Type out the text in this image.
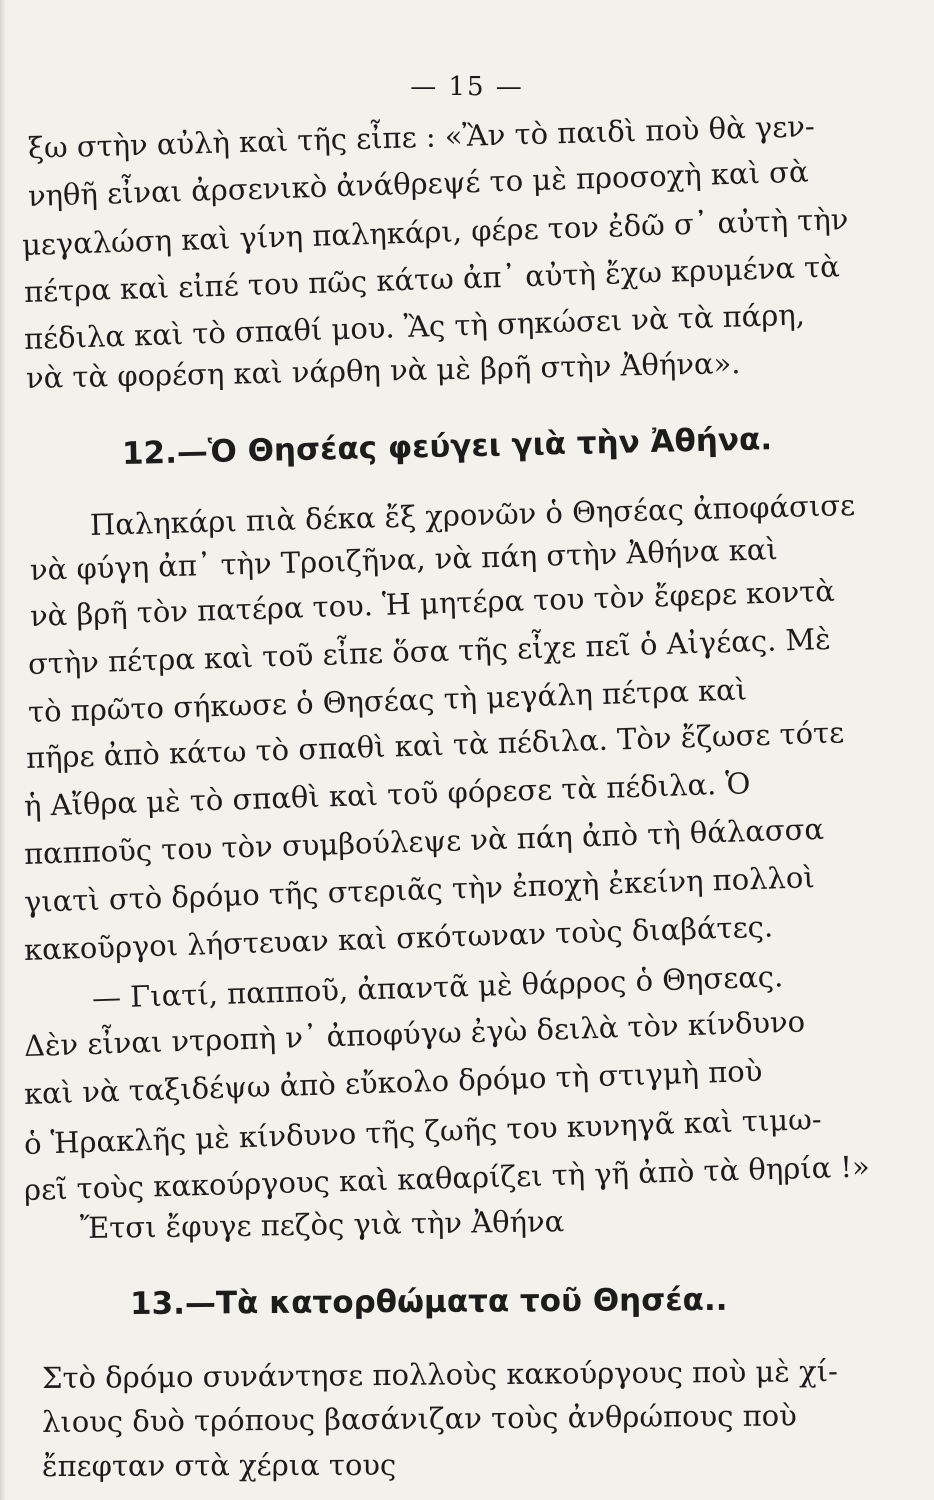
— 15 —
ξω στὴν αὐλὴ καὶ τῆς εἶπε : «Ἂν τὸ παιδὶ ποὺ θὰ γεν-
νηθῆ εἶναι ἀρσενικὸ ἀνάθρεψέ το μὲ προσοχὴ καὶ σὰ
μεγαλώση καὶ γίνη παληκάρι, φέρε τον ἐδῶ σ᾽ αὐτὴ τὴν
πέτρα καὶ εἰπέ του πῶς κάτω ἀπ᾽ αὐτὴ ἔχω κρυμένα τὰ
πέδιλα καὶ τὸ σπαθί μου. Ἂς τὴ σηκώσει νὰ τὰ πάρη,
νὰ τὰ φορέση καὶ νάρθη νὰ μὲ βρῆ στὴν Ἀθήνα».
12.—Ὁ Θησέας φεύγει γιὰ τὴν Ἀθήνα.
Παληκάρι πιὰ δέκα ἔξ χρονῶν ὁ Θησέας ἀποφάσισε
νὰ φύγη ἀπ᾽ τὴν Τροιζῆνα, νὰ πάη στὴν Ἀθήνα καὶ
νὰ βρῆ τὸν πατέρα του. Ἡ μητέρα του τὸν ἔφερε κοντὰ
στὴν πέτρα καὶ τοῦ εἶπε ὅσα τῆς εἶχε πεῖ ὁ Αἰγέας. Μὲ
τὸ πρῶτο σήκωσε ὁ Θησέας τὴ μεγάλη πέτρα καὶ
πῆρε ἀπὸ κάτω τὸ σπαθὶ καὶ τὰ πέδιλα. Τὸν ἔζωσε τότε
ἡ Αἴθρα μὲ τὸ σπαθὶ καὶ τοῦ φόρεσε τὰ πέδιλα. Ὁ
παπποῦς του τὸν συμβούλεψε νὰ πάη ἀπὸ τὴ θάλασσα
γιατὶ στὸ δρόμο τῆς στεριᾶς τὴν ἐποχὴ ἐκείνη πολλοὶ
κακοῦργοι λήστευαν καὶ σκότωναν τοὺς διαβάτες.
— Γιατί, παπποῦ, ἀπαντᾶ μὲ θάρρος ὁ Θησεας.
Δὲν εἶναι ντροπὴ ν᾽ ἀποφύγω ἐγὼ δειλὰ τὸν κίνδυνο
καὶ νὰ ταξιδέψω ἀπὸ εὔκολο δρόμο τὴ στιγμὴ ποὺ
ὁ Ἡρακλῆς μὲ κίνδυνο τῆς ζωῆς του κυνηγᾶ καὶ τιμω-
ρεῖ τοὺς κακούργους καὶ καθαρίζει τὴ γῆ ἀπὸ τὰ θηρία !»
Ἔτσι ἔφυγε πεζὸς γιὰ τὴν Ἀθήνα
13.—Τὰ κατορθώματα τοῦ Θησέα..
Στὸ δρόμο συνάντησε πολλοὺς κακούργους ποὺ μὲ χί-
λιους δυὸ τρόπους βασάνιζαν τοὺς ἀνθρώπους ποὺ
ἔπεφταν στὰ χέρια τους
